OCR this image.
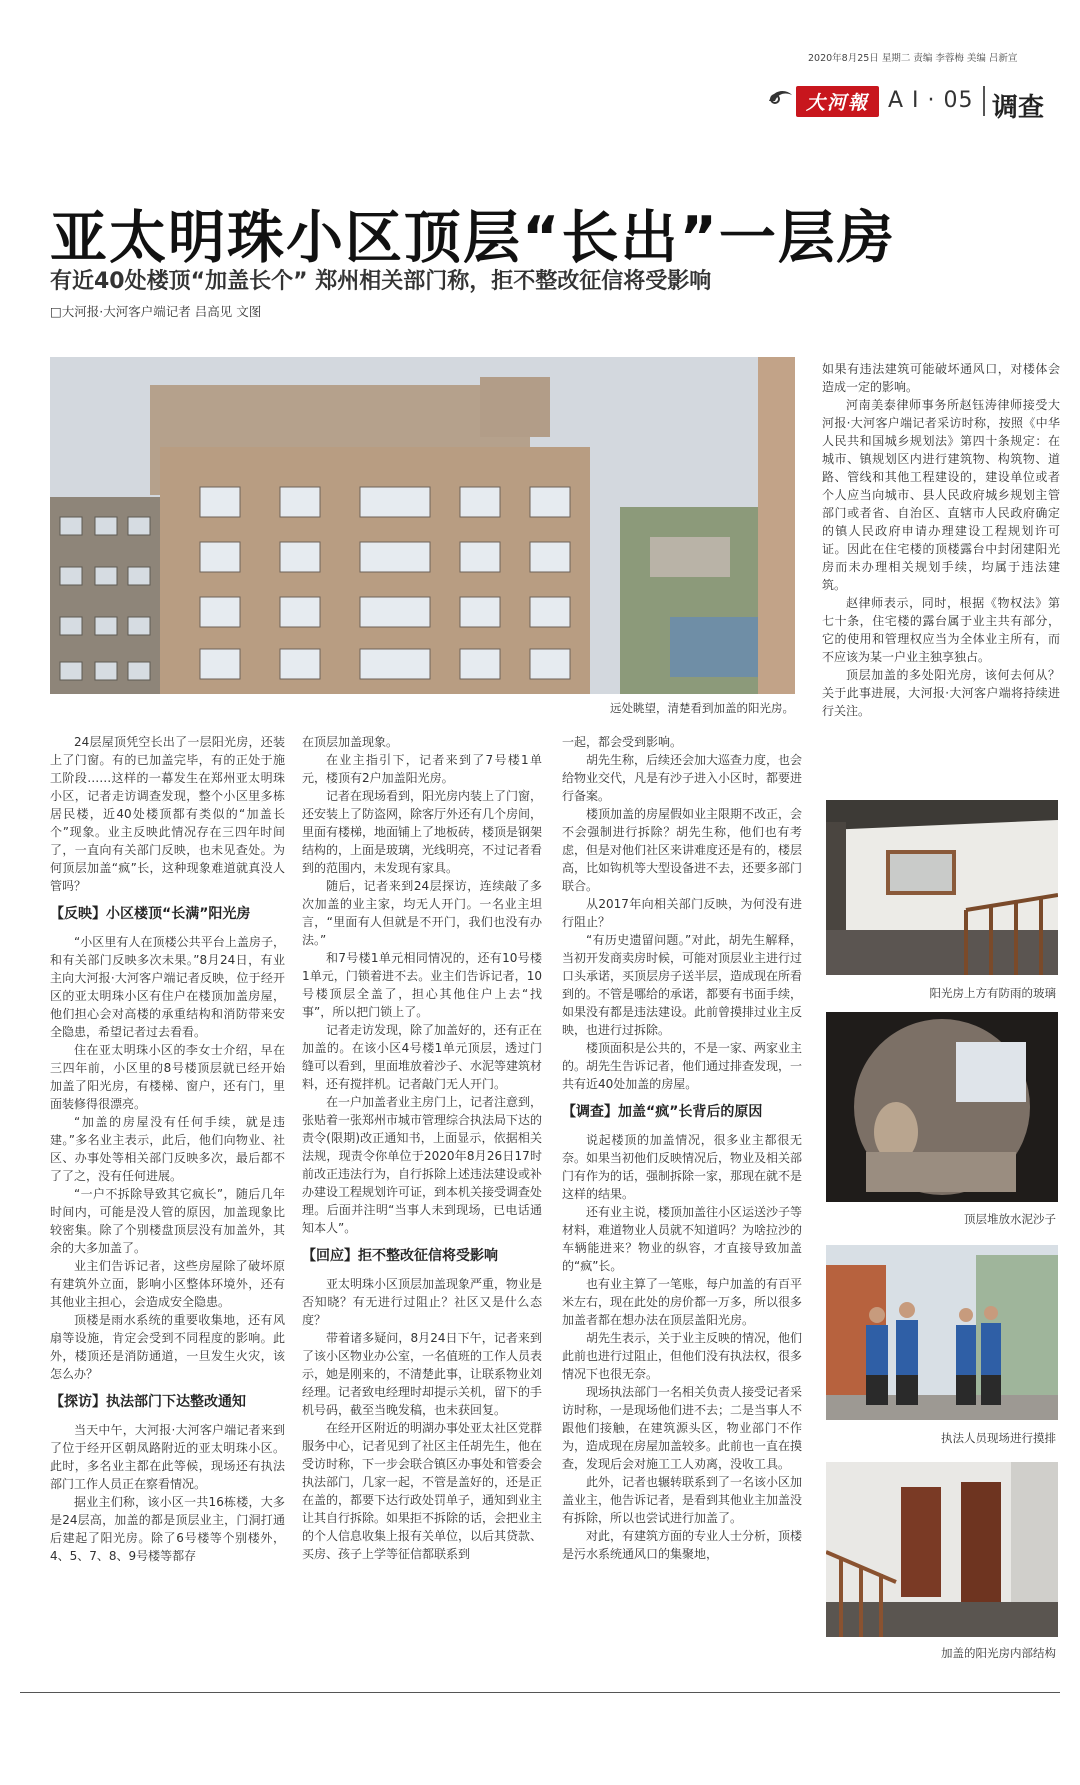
2020年8月25日 星期二 责编 李蓉梅 美编 吕新宣
大河報 A I · 05 调查
亚太明珠小区顶层“长出”一层房
有近40处楼顶“加盖长个” 郑州相关部门称，拒不整改征信将受影响
□大河报·大河客户端记者 吕高见 文图
远处眺望，清楚看到加盖的阳光房。

24层屋顶凭空长出了一层阳光房，还装上了门窗。有的已加盖完毕，有的正处于施工阶段……这样的一幕发生在郑州亚太明珠小区，记者走访调查发现，整个小区里多栋居民楼，近40处楼顶都有类似的“加盖长个”现象。业主反映此情况存在三四年时间了，一直向有关部门反映，也未见查处。为何顶层加盖“疯”长，这种现象难道就真没人管吗？

【反映】小区楼顶“长满”阳光房

“小区里有人在顶楼公共平台上盖房子，和有关部门反映多次未果。”8月24日，有业主向大河报·大河客户端记者反映，位于经开区的亚太明珠小区有住户在楼顶加盖房屋，他们担心会对高楼的承重结构和消防带来安全隐患，希望记者过去看看。

住在亚太明珠小区的李女士介绍，早在三四年前，小区里的8号楼顶层就已经开始加盖了阳光房，有楼梯、窗户，还有门，里面装修得很漂亮。

“加盖的房屋没有任何手续，就是违建。”多名业主表示，此后，他们向物业、社区、办事处等相关部门反映多次，最后都不了了之，没有任何进展。

“一户不拆除导致其它疯长”，随后几年时间内，可能是没人管的原因，加盖现象比较密集。除了个别楼盘顶层没有加盖外，其余的大多加盖了。

业主们告诉记者，这些房屋除了破坏原有建筑外立面，影响小区整体环境外，还有其他业主担心，会造成安全隐患。

顶楼是雨水系统的重要收集地，还有风扇等设施，肯定会受到不同程度的影响。此外，楼顶还是消防通道，一旦发生火灾，该怎么办？

【探访】执法部门下达整改通知

当天中午，大河报·大河客户端记者来到了位于经开区朝凤路附近的亚太明珠小区。此时，多名业主都在此等候，现场还有执法部门工作人员正在察看情况。

据业主们称，该小区一共16栋楼，大多是24层高，加盖的都是顶层业主，门洞打通后建起了阳光房。除了6号楼等个别楼外，4、5、7、8、9号楼等都存

在顶层加盖现象。

在业主指引下，记者来到了7号楼1单元，楼顶有2户加盖阳光房。

记者在现场看到，阳光房内装上了门窗，还安装上了防盗网，除客厅外还有几个房间，里面有楼梯，地面铺上了地板砖，楼顶是钢架结构的，上面是玻璃，光线明亮，不过记者看到的范围内，未发现有家具。

随后，记者来到24层探访，连续敲了多次加盖的业主家，均无人开门。一名业主坦言，“里面有人但就是不开门，我们也没有办法。”

和7号楼1单元相同情况的，还有10号楼1单元，门锁着进不去。业主们告诉记者，10号楼顶层全盖了，担心其他住户上去“找事”，所以把门锁上了。

记者走访发现，除了加盖好的，还有正在加盖的。在该小区4号楼1单元顶层，透过门缝可以看到，里面堆放着沙子、水泥等建筑材料，还有搅拌机。记者敲门无人开门。

在一户加盖者业主房门上，记者注意到，张贴着一张郑州市城市管理综合执法局下达的责令(限期)改正通知书，上面显示，依据相关法规，现责令你单位于2020年8月26日17时前改正违法行为，自行拆除上述违法建设或补办建设工程规划许可证，到本机关接受调查处理。后面并注明“当事人未到现场，已电话通知本人”。

【回应】拒不整改征信将受影响

亚太明珠小区顶层加盖现象严重，物业是否知晓？有无进行过阻止？社区又是什么态度？

带着诸多疑问，8月24日下午，记者来到了该小区物业办公室，一名值班的工作人员表示，她是刚来的，不清楚此事，让联系物业刘经理。记者致电经理时却提示关机，留下的手机号码，截至当晚发稿，也未获回复。

在经开区附近的明湖办事处亚太社区党群服务中心，记者见到了社区主任胡先生，他在受访时称，下一步会联合镇区办事处和管委会执法部门，几家一起，不管是盖好的，还是正在盖的，都要下达行政处罚单子，通知到业主让其自行拆除。如果拒不拆除的话，会把业主的个人信息收集上报有关单位，以后其贷款、买房、孩子上学等征信都联系到

一起，都会受到影响。

胡先生称，后续还会加大巡查力度，也会给物业交代，凡是有沙子进入小区时，都要进行备案。

楼顶加盖的房屋假如业主限期不改正，会不会强制进行拆除？胡先生称，他们也有考虑，但是对他们社区来讲难度还是有的，楼层高，比如钩机等大型设备进不去，还要多部门联合。

从2017年向相关部门反映，为何没有进行阻止？

“有历史遗留问题。”对此，胡先生解释，当初开发商卖房时候，可能对顶层业主进行过口头承诺，买顶层房子送半层，造成现在所看到的。不管是哪给的承诺，都要有书面手续，如果没有都是违法建设。此前曾摸排过业主反映，也进行过拆除。

楼顶面积是公共的，不是一家、两家业主的。胡先生告诉记者，他们通过排查发现，一共有近40处加盖的房屋。

【调查】加盖“疯”长背后的原因

说起楼顶的加盖情况，很多业主都很无奈。如果当初他们反映情况后，物业及相关部门有作为的话，强制拆除一家，那现在就不是这样的结果。

还有业主说，楼顶加盖往小区运送沙子等材料，难道物业人员就不知道吗？为啥拉沙的车辆能进来？物业的纵容，才直接导致加盖的“疯”长。

也有业主算了一笔账，每户加盖的有百平米左右，现在此处的房价都一万多，所以很多加盖者都在想办法在顶层盖阳光房。

胡先生表示，关于业主反映的情况，他们此前也进行过阻止，但他们没有执法权，很多情况下也很无奈。

现场执法部门一名相关负责人接受记者采访时称，一是现场他们进不去；二是当事人不跟他们接触，在建筑源头区，物业部门不作为，造成现在房屋加盖较多。此前也一直在摸查，发现后会对施工工人劝离，没收工具。

此外，记者也辗转联系到了一名该小区加盖业主，他告诉记者，是看到其他业主加盖没有拆除，所以也尝试进行加盖了。

对此，有建筑方面的专业人士分析，顶楼是污水系统通风口的集聚地，

如果有违法建筑可能破坏通风口，对楼体会造成一定的影响。

河南美泰律师事务所赵钰涛律师接受大河报·大河客户端记者采访时称，按照《中华人民共和国城乡规划法》第四十条规定：在城市、镇规划区内进行建筑物、构筑物、道路、管线和其他工程建设的，建设单位或者个人应当向城市、县人民政府城乡规划主管部门或者省、自治区、直辖市人民政府确定的镇人民政府申请办理建设工程规划许可证。因此在住宅楼的顶楼露台中封闭建阳光房而未办理相关规划手续，均属于违法建筑。

赵律师表示，同时，根据《物权法》第七十条，住宅楼的露台属于业主共有部分，它的使用和管理权应当为全体业主所有，而不应该为某一户业主独享独占。

顶层加盖的多处阳光房，该何去何从？关于此事进展，大河报·大河客户端将持续进行关注。

阳光房上方有防雨的玻璃
顶层堆放水泥沙子
执法人员现场进行摸排
加盖的阳光房内部结构
